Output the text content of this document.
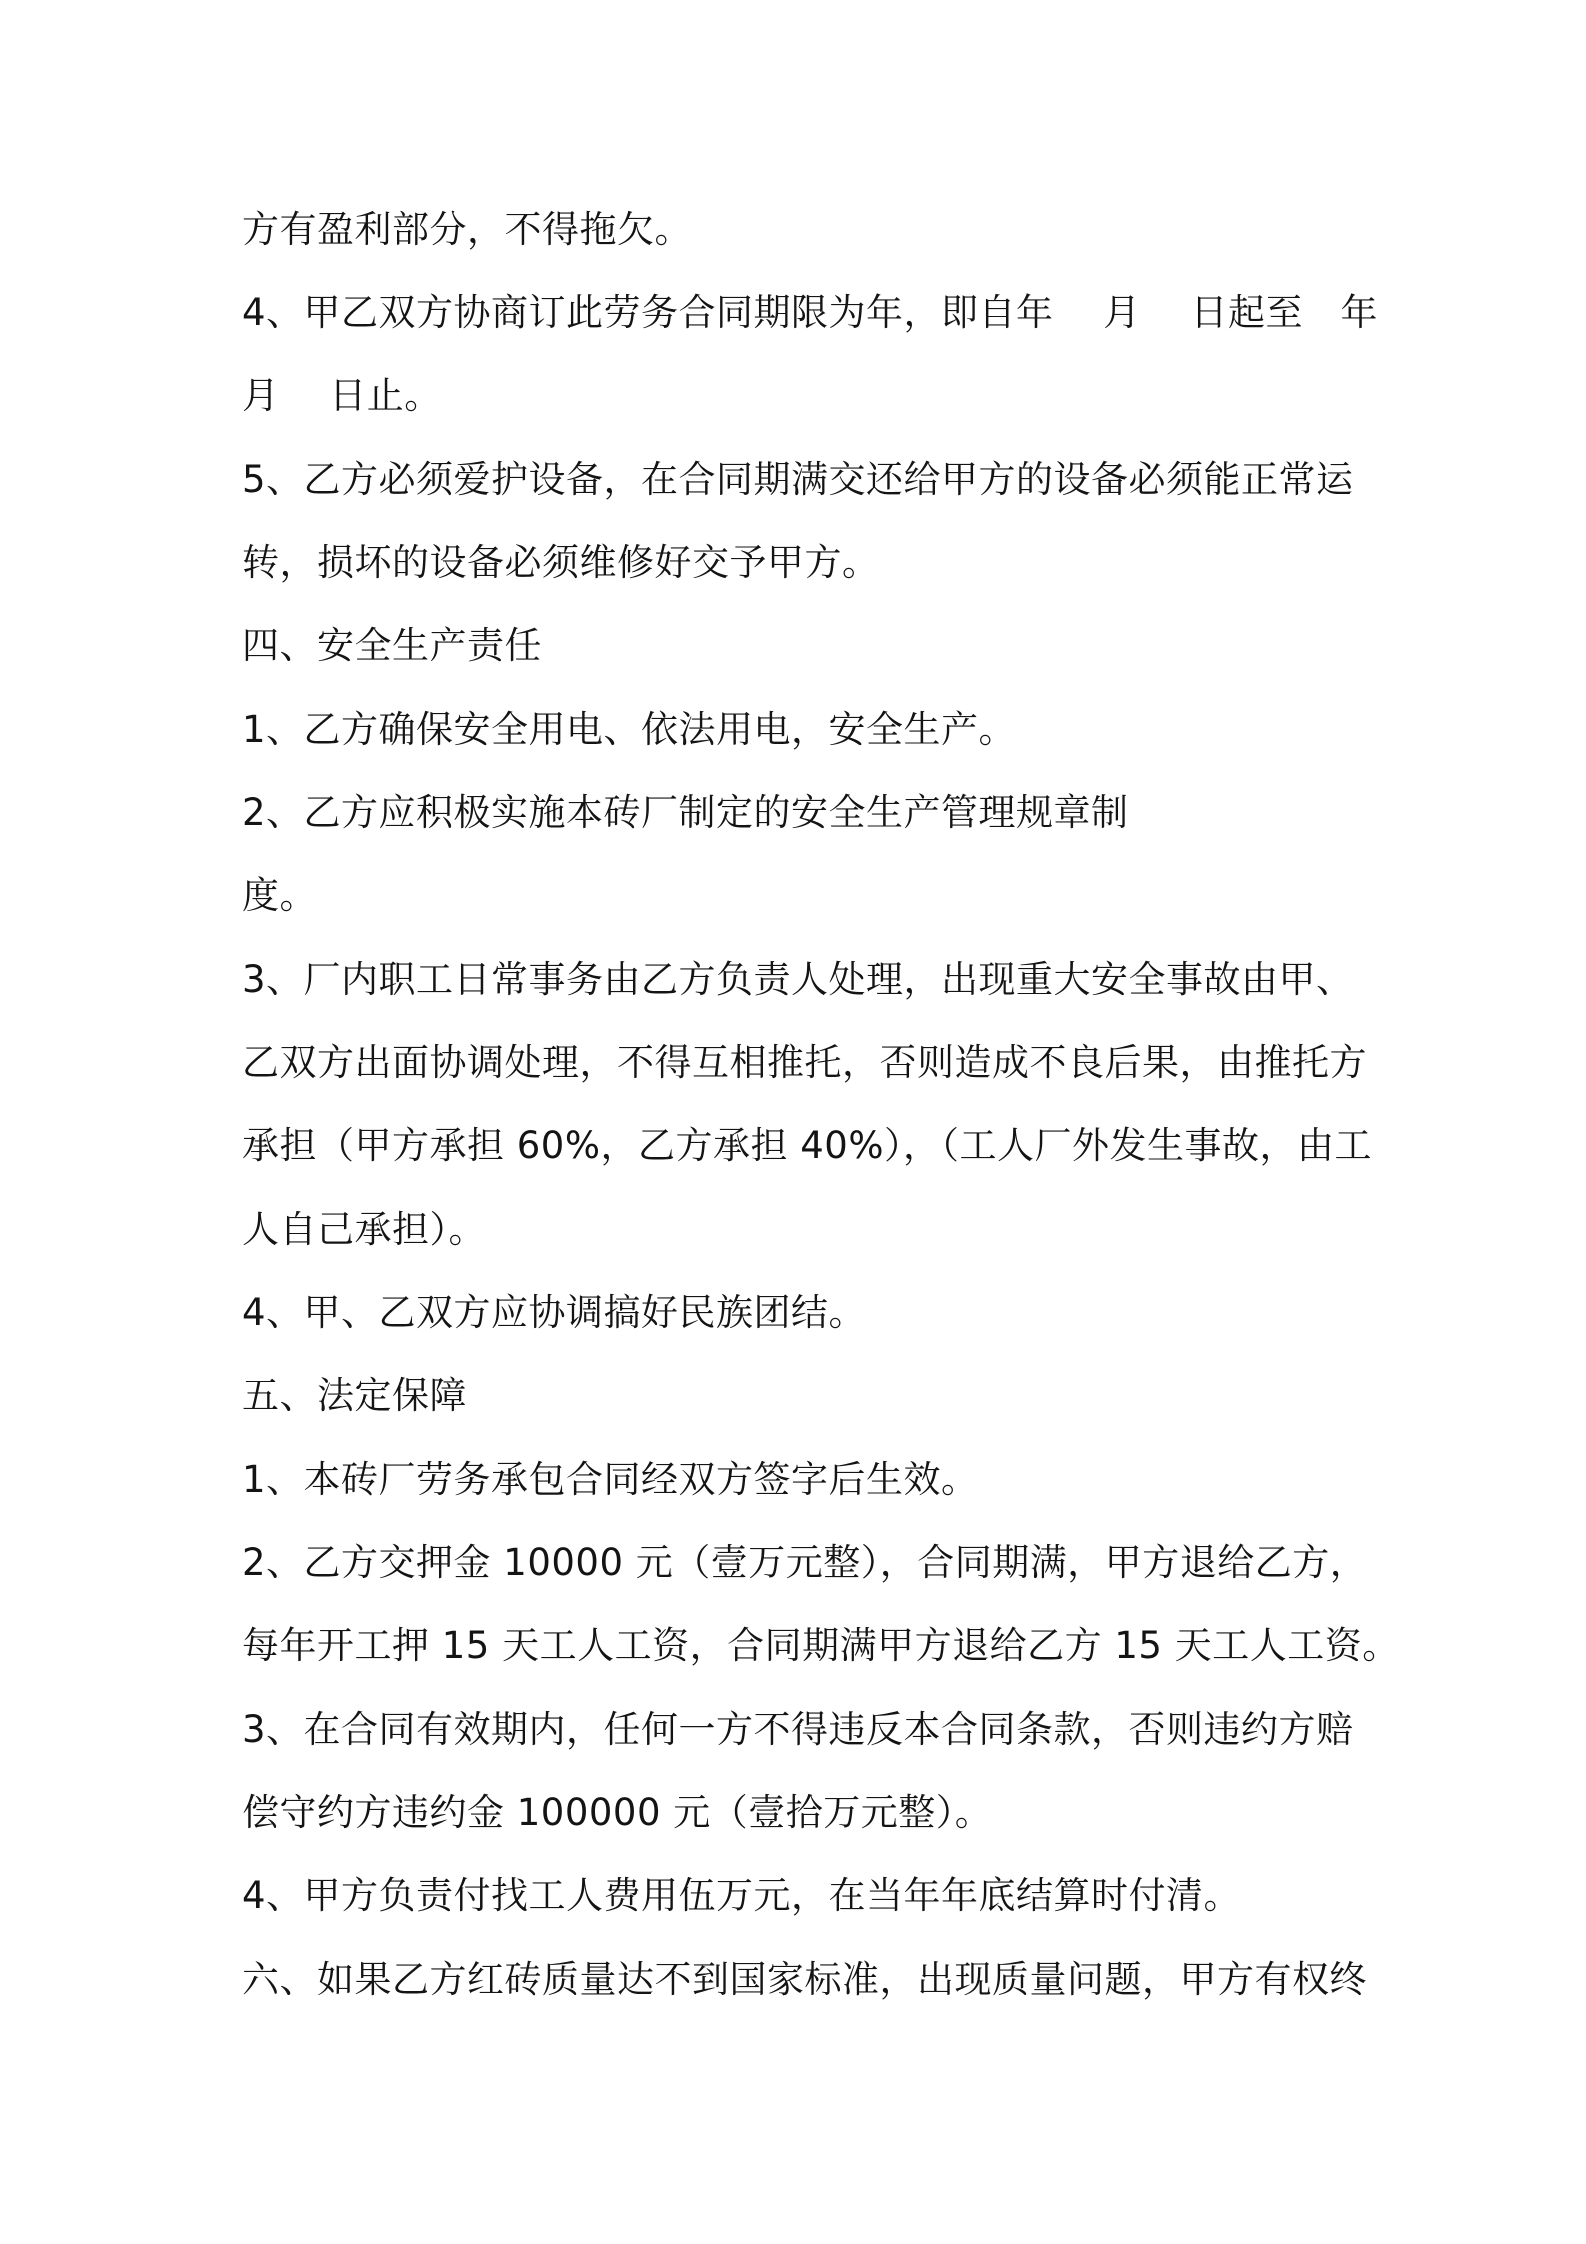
方有盈利部分，不得拖欠。
4、甲乙双方协商订此劳务合同期限为年，即自年　 月　 日起至　年
月　 日止。
5、乙方必须爱护设备，在合同期满交还给甲方的设备必须能正常运
转，损坏的设备必须维修好交予甲方。
四、安全生产责任
1、乙方确保安全用电、依法用电，安全生产。
2、乙方应积极实施本砖厂制定的安全生产管理规章制
度。
3、厂内职工日常事务由乙方负责人处理，出现重大安全事故由甲、
乙双方出面协调处理，不得互相推托，否则造成不良后果，由推托方
承担（甲方承担 60%，乙方承担 40%），（工人厂外发生事故，由工
人自己承担）。
4、甲、乙双方应协调搞好民族团结。
五、法定保障
1、本砖厂劳务承包合同经双方签字后生效。
2、乙方交押金 10000 元（壹万元整），合同期满，甲方退给乙方，
每年开工押 15 天工人工资，合同期满甲方退给乙方 15 天工人工资。
3、在合同有效期内，任何一方不得违反本合同条款，否则违约方赔
偿守约方违约金 100000 元（壹拾万元整）。
4、甲方负责付找工人费用伍万元，在当年年底结算时付清。
六、如果乙方红砖质量达不到国家标准，出现质量问题，甲方有权终
